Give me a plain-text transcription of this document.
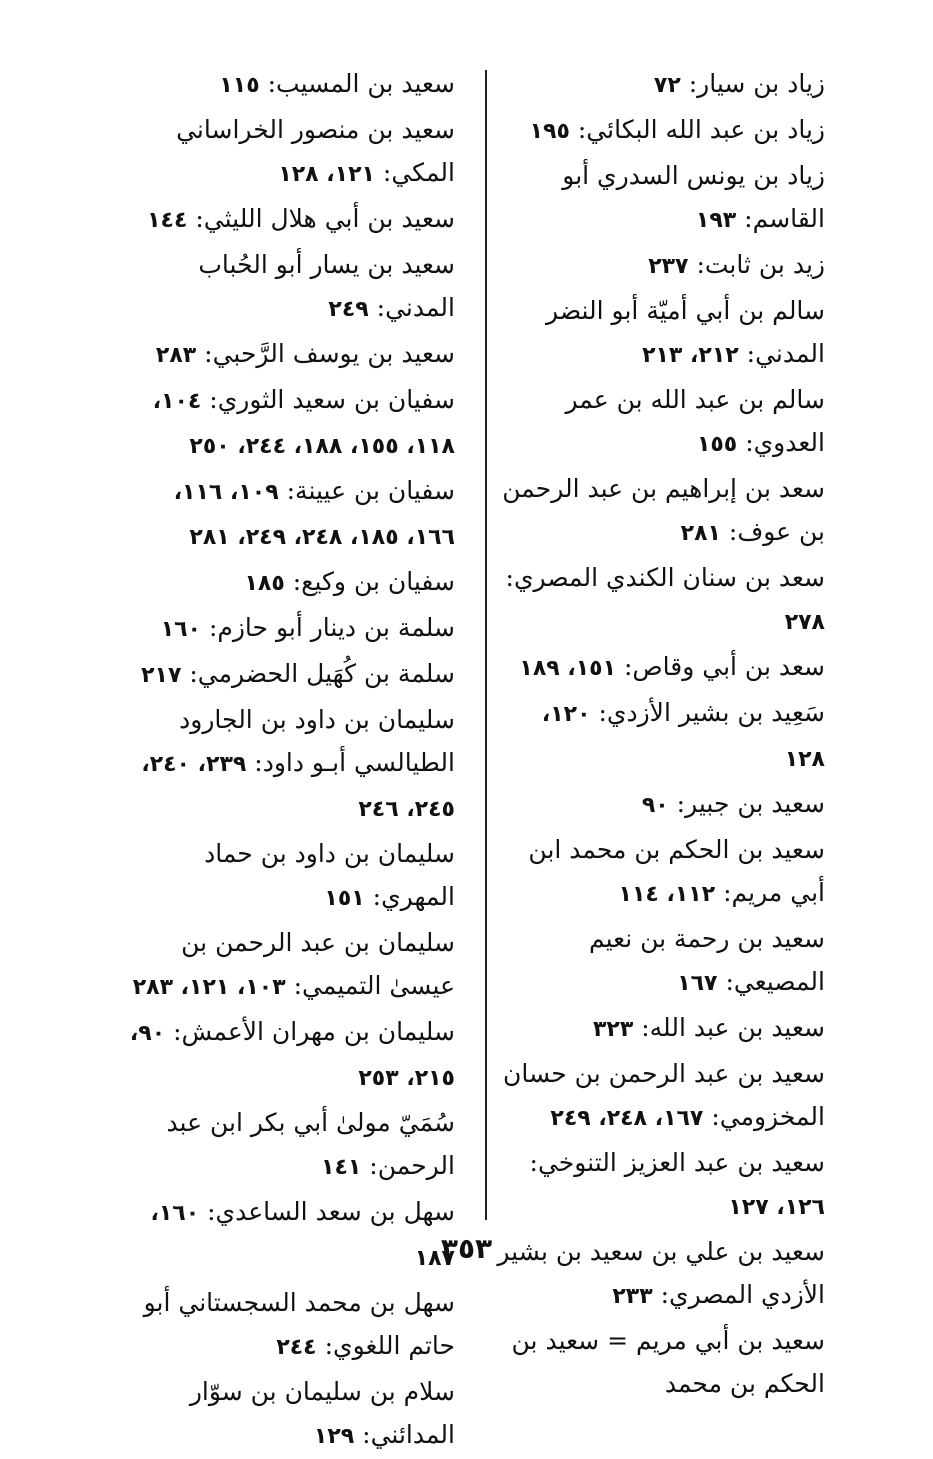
زياد بن سيار: ٧٢
زياد بن عبد الله البكائي: ١٩٥
زياد بن يونس السدري أبو القاسم: ١٩٣
زيد بن ثابت: ٢٣٧
سالم بن أبي أميّة أبو النضر المدني: ٢١٢، ٢١٣
سالم بن عبد الله بن عمر العدوي: ١٥٥
سعد بن إبراهيم بن عبد الرحمن بن عوف: ٢٨١
سعد بن سنان الكندي المصري: ٢٧٨
سعد بن أبي وقاص: ١٥١، ١٨٩
سَعِيد بن بشير الأزدي: ١٢٠، ١٢٨
سعيد بن جبير: ٩٠
سعيد بن الحكم بن محمد ابن أبي مريم: ١١٢، ١١٤
سعيد بن رحمة بن نعيم المصيعي: ١٦٧
سعيد بن عبد الله: ٣٢٣
سعيد بن عبد الرحمن بن حسان المخزومي: ١٦٧، ٢٤٨، ٢٤٩
سعيد بن عبد العزيز التنوخي: ١٢٦، ١٢٧
سعيد بن علي بن سعيد بن بشير الأزدي المصري: ٢٣٣
سعيد بن أبي مريم = سعيد بن الحكم بن محمد
سعيد بن المسيب: ١١٥
سعيد بن منصور الخراساني المكي: ١٢١، ١٢٨
سعيد بن أبي هلال الليثي: ١٤٤
سعيد بن يسار أبو الحُباب المدني: ٢٤٩
سعيد بن يوسف الرَّحبي: ٢٨٣
سفيان بن سعيد الثوري: ١٠٤، ١١٨، ١٥٥، ١٨٨، ٢٤٤، ٢٥٠
سفيان بن عيينة: ١٠٩، ١١٦، ١٦٦، ١٨٥، ٢٤٨، ٢٤٩، ٢٨١
سفيان بن وكيع: ١٨٥
سلمة بن دينار أبو حازم: ١٦٠
سلمة بن كُهَيل الحضرمي: ٢١٧
سليمان بن داود بن الجارود الطيالسي أبـو داود: ٢٣٩، ٢٤٠، ٢٤٥، ٢٤٦
سليمان بن داود بن حماد المهري: ١٥١
سليمان بن عبد الرحمن بن عيسىٰ التميمي: ١٠٣، ١٢١، ٢٨٣
سليمان بن مهران الأعمش: ٩٠، ٢١٥، ٢٥٣
سُمَيّ مولىٰ أبي بكر ابن عبد الرحمن: ١٤١
سهل بن سعد الساعدي: ١٦٠، ١٨٧
سهل بن محمد السجستاني أبو حاتم اللغوي: ٢٤٤
سلام بن سليمان بن سوّار المدائني: ١٢٩
٣٥٣
